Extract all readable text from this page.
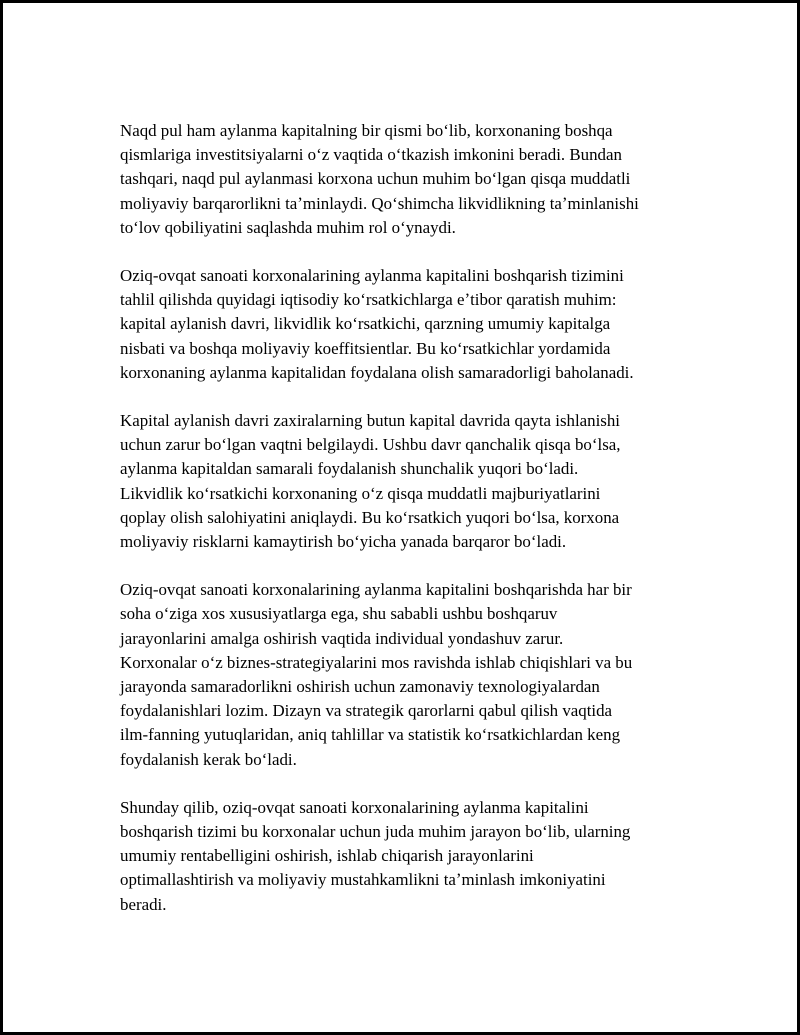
Naqd pul ham aylanma kapitalning bir qismi boʻlib, korxonaning boshqa
qismlariga investitsiyalarni oʻz vaqtida oʻtkazish imkonini beradi. Bundan
tashqari, naqd pul aylanmasi korxona uchun muhim boʻlgan qisqa muddatli
moliyaviy barqarorlikni taʼminlaydi. Qoʻshimcha likvidlikning taʼminlanishi
toʻlov qobiliyatini saqlashda muhim rol oʻynaydi.

Oziq-ovqat sanoati korxonalarining aylanma kapitalini boshqarish tizimini
tahlil qilishda quyidagi iqtisodiy koʻrsatkichlarga eʼtibor qaratish muhim:
kapital aylanish davri, likvidlik koʻrsatkichi, qarzning umumiy kapitalga
nisbati va boshqa moliyaviy koeffitsientlar. Bu koʻrsatkichlar yordamida
korxonaning aylanma kapitalidan foydalana olish samaradorligi baholanadi.

Kapital aylanish davri zaxiralarning butun kapital davrida qayta ishlanishi
uchun zarur boʻlgan vaqtni belgilaydi. Ushbu davr qanchalik qisqa boʻlsa,
aylanma kapitaldan samarali foydalanish shunchalik yuqori boʻladi.
Likvidlik koʻrsatkichi korxonaning oʻz qisqa muddatli majburiyatlarini
qoplay olish salohiyatini aniqlaydi. Bu koʻrsatkich yuqori boʻlsa, korxona
moliyaviy risklarni kamaytirish boʻyicha yanada barqaror boʻladi.

Oziq-ovqat sanoati korxonalarining aylanma kapitalini boshqarishda har bir
soha oʻziga xos xususiyatlarga ega, shu sababli ushbu boshqaruv
jarayonlarini amalga oshirish vaqtida individual yondashuv zarur.
Korxonalar oʻz biznes-strategiyalarini mos ravishda ishlab chiqishlari va bu
jarayonda samaradorlikni oshirish uchun zamonaviy texnologiyalardan
foydalanishlari lozim. Dizayn va strategik qarorlarni qabul qilish vaqtida
ilm-fanning yutuqlaridan, aniq tahlillar va statistik koʻrsatkichlardan keng
foydalanish kerak boʻladi.

Shunday qilib, oziq-ovqat sanoati korxonalarining aylanma kapitalini
boshqarish tizimi bu korxonalar uchun juda muhim jarayon boʻlib, ularning
umumiy rentabelligini oshirish, ishlab chiqarish jarayonlarini
optimallashtirish va moliyaviy mustahkamlikni taʼminlash imkoniyatini
beradi.
